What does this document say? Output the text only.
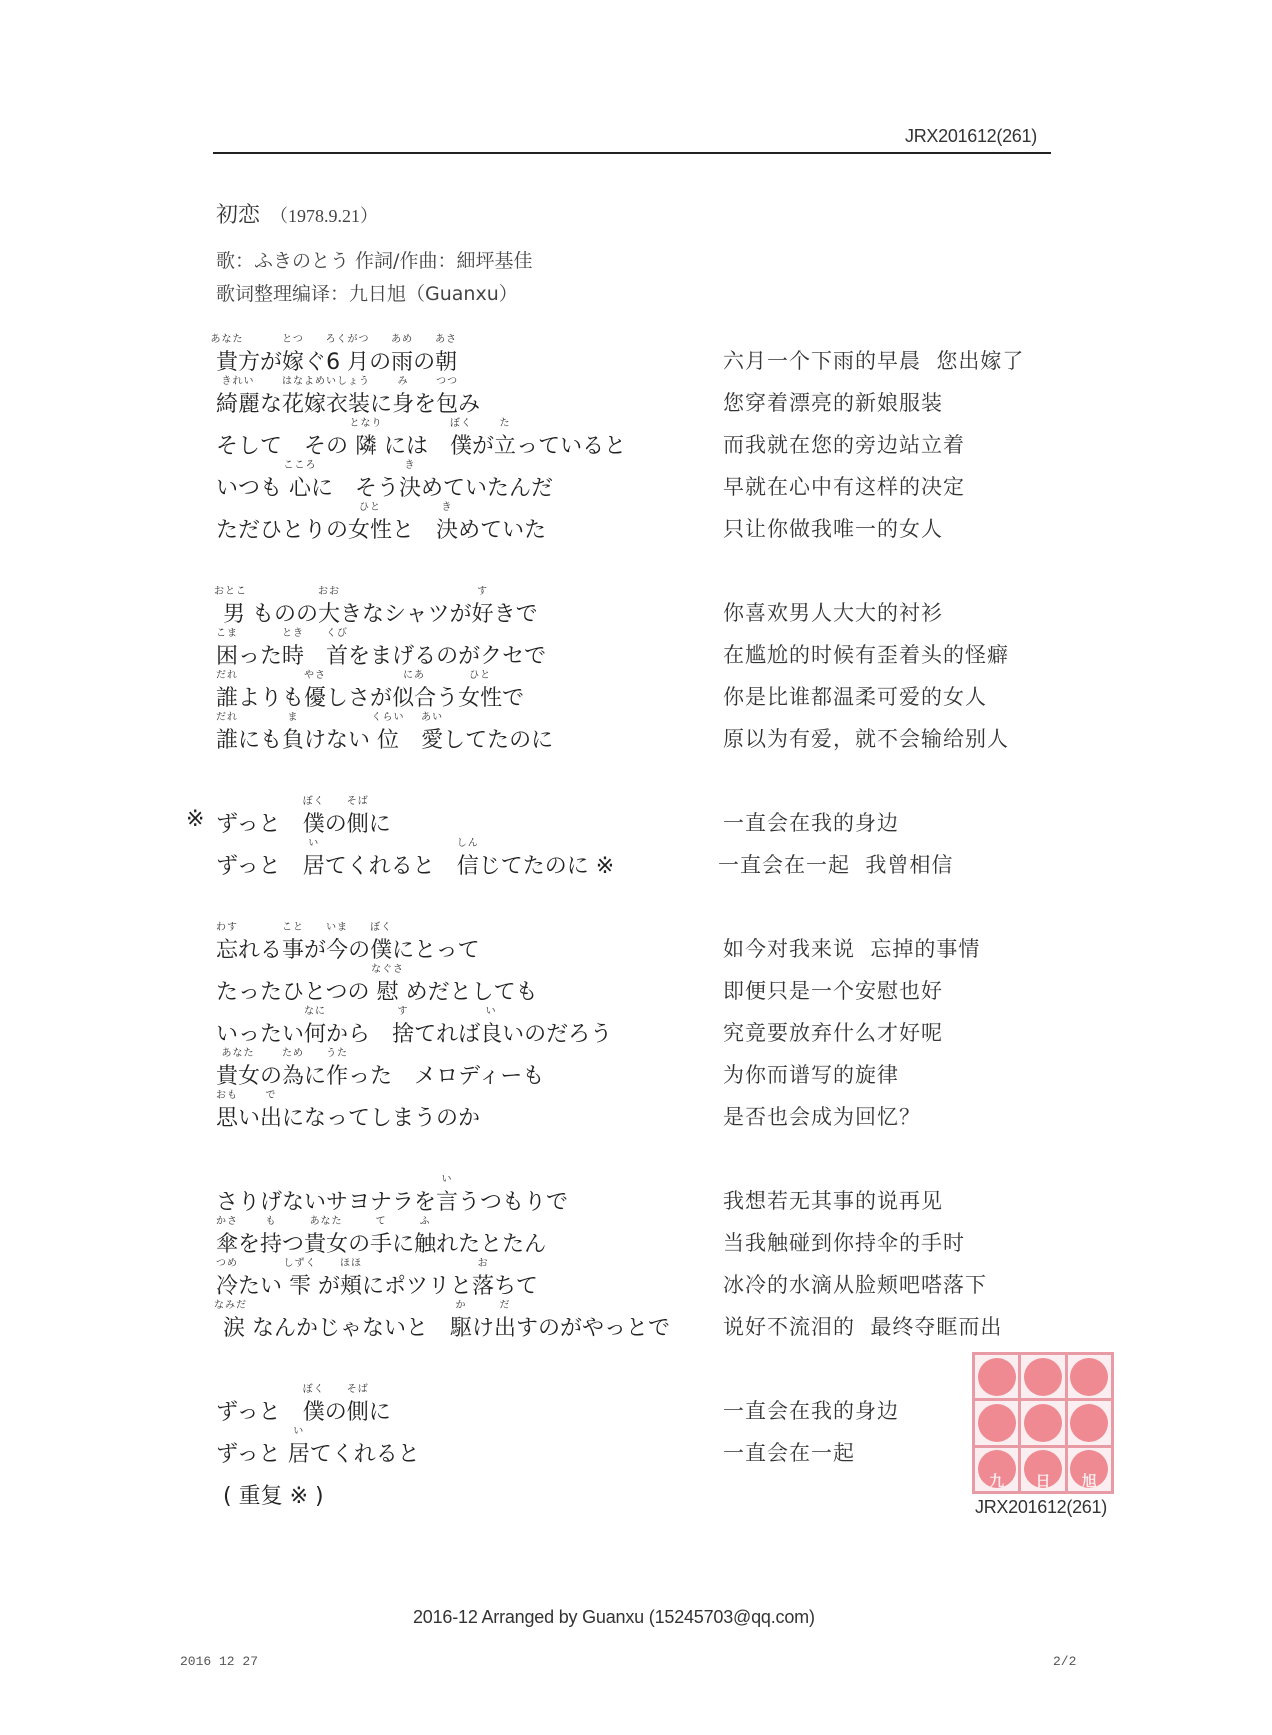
JRX201612(261)
初恋 （1978.9.21）
歌：ふきのとう 作詞/作曲：細坪基佳
歌词整理编译：九日旭（Guanxu）
貴
あなた
方が嫁
とつ
ぐ6 月
ろくがつ
の雨
あめ
の朝
あさ
六月一个下雨的早晨  您出嫁了
綺麗
きれい
な花嫁衣装
はなよめいしょう
に身
み
を包
つつ
み	您穿着漂亮的新娘服装
そして　その 隣
となり
には　僕
ぼく
が立
た
っていると	而我就在您的旁边站立着
いつも 心
こころ
に　そう決
き
めていたんだ	早就在心中有这样的决定
ただひとりの女性
ひと
と　決
き
めていた	只让你做我唯一的女人
男
おとこ
ものの大
おお
きなシャツが好
す
きで	你喜欢男人大大的衬衫
困
こま
った時
とき
　首
くび
をまげるのがクセで	在尴尬的时候有歪着头的怪癖
誰
だれ
よりも優
やさ
しさが似合
にあ
う女性
ひと
で	你是比谁都温柔可爱的女人
誰
だれ
にも負
ま
けない 位
くらい
　愛
あい
してたのに	原以为有爱，就不会输给别人
※ ずっと　僕
ぼく
の側
そば
に	一直会在我的身边
ずっと　居
い
てくれると　信
しん
じてたのに ※	一直会在一起  我曾相信
忘
わす
れる事
こと
が今
いま
の僕
ぼく
にとって	如今对我来说  忘掉的事情
たったひとつの 慰
なぐさ
めだとしても	即便只是一个安慰也好
いったい何
なに
から　捨
す
てれば良
い
いのだろう	究竟要放弃什么才好呢
貴女
あなた
の為
ため
に作
うた
った　メロディーも	为你而谱写的旋律
思
おも
い出
で
になってしまうのか	是否也会成为回忆？
さりげないサヨナラを言
い
うつもりで	我想若无其事的说再见
傘
かさ
を持
も
つ貴女
あなた
の手
て
に触
ふ
れたとたん	当我触碰到你持伞的手时
冷
つめ
たい 雫
しずく
が頬
ほほ
にポツリと落
お
ちて	冰冷的水滴从脸颊吧嗒落下
涙
なみだ
なんかじゃないと　駆
か
け出
だ
すのがやっとで	说好不流泪的  最终夺眶而出
ずっと　僕
ぼく
の側
そば
に	一直会在我的身边
ずっと 居
い
てくれると	一直会在一起
( 重复 ※ )
九 日 旭
JRX201612(261)
2016-12 Arranged by Guanxu (15245703@qq.com)
2016 12 27	2/2
